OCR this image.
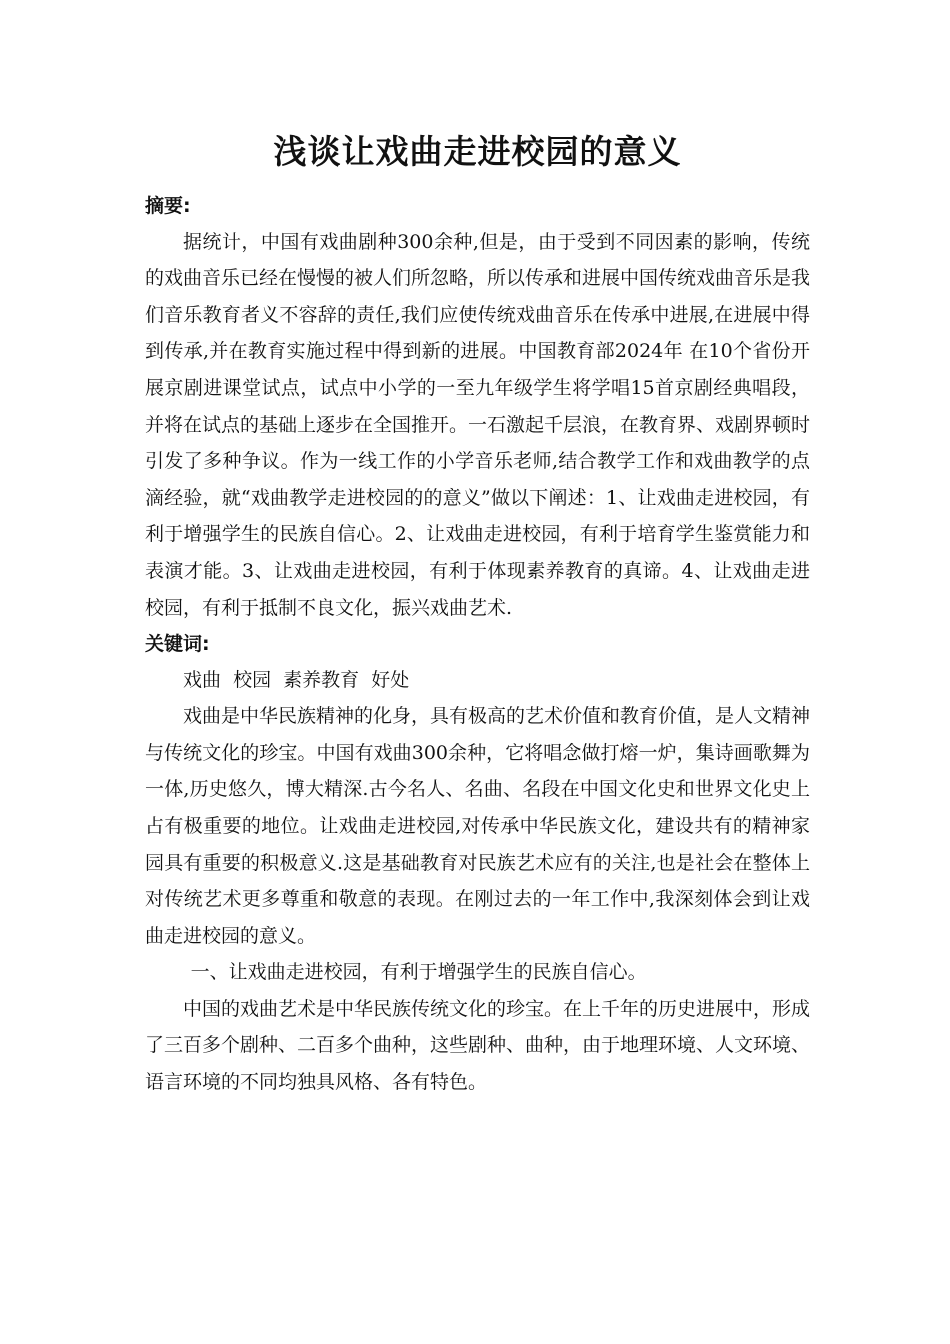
浅谈让戏曲走进校园的意义

摘要:

据统计，中国有戏曲剧种300余种,但是，由于受到不同因素的影响，传统的戏曲音乐已经在慢慢的被人们所忽略，所以传承和进展中国传统戏曲音乐是我们音乐教育者义不容辞的责任,我们应使传统戏曲音乐在传承中进展,在进展中得到传承,并在教育实施过程中得到新的进展。中国教育部2024年 在10个省份开展京剧进课堂试点，试点中小学的一至九年级学生将学唱15首京剧经典唱段，并将在试点的基础上逐步在全国推开。一石激起千层浪，在教育界、戏剧界顿时引发了多种争议。作为一线工作的小学音乐老师,结合教学工作和戏曲教学的点滴经验，就“戏曲教学走进校园的的意义”做以下阐述：1、让戏曲走进校园，有利于增强学生的民族自信心。2、让戏曲走进校园，有利于培育学生鉴赏能力和表演才能。3、让戏曲走进校园，有利于体现素养教育的真谛。4、让戏曲走进校园，有利于抵制不良文化，振兴戏曲艺术.

关键词:

戏曲  校园  素养教育  好处

戏曲是中华民族精神的化身，具有极高的艺术价值和教育价值，是人文精神与传统文化的珍宝。中国有戏曲300余种，它将唱念做打熔一炉，集诗画歌舞为一体,历史悠久，博大精深.古今名人、名曲、名段在中国文化史和世界文化史上占有极重要的地位。让戏曲走进校园,对传承中华民族文化，建设共有的精神家园具有重要的积极意义.这是基础教育对民族艺术应有的关注,也是社会在整体上对传统艺术更多尊重和敬意的表现。在刚过去的一年工作中,我深刻体会到让戏曲走进校园的意义。

一、让戏曲走进校园，有利于增强学生的民族自信心。

中国的戏曲艺术是中华民族传统文化的珍宝。在上千年的历史进展中，形成了三百多个剧种、二百多个曲种，这些剧种、曲种，由于地理环境、人文环境、语言环境的不同均独具风格、各有特色。
